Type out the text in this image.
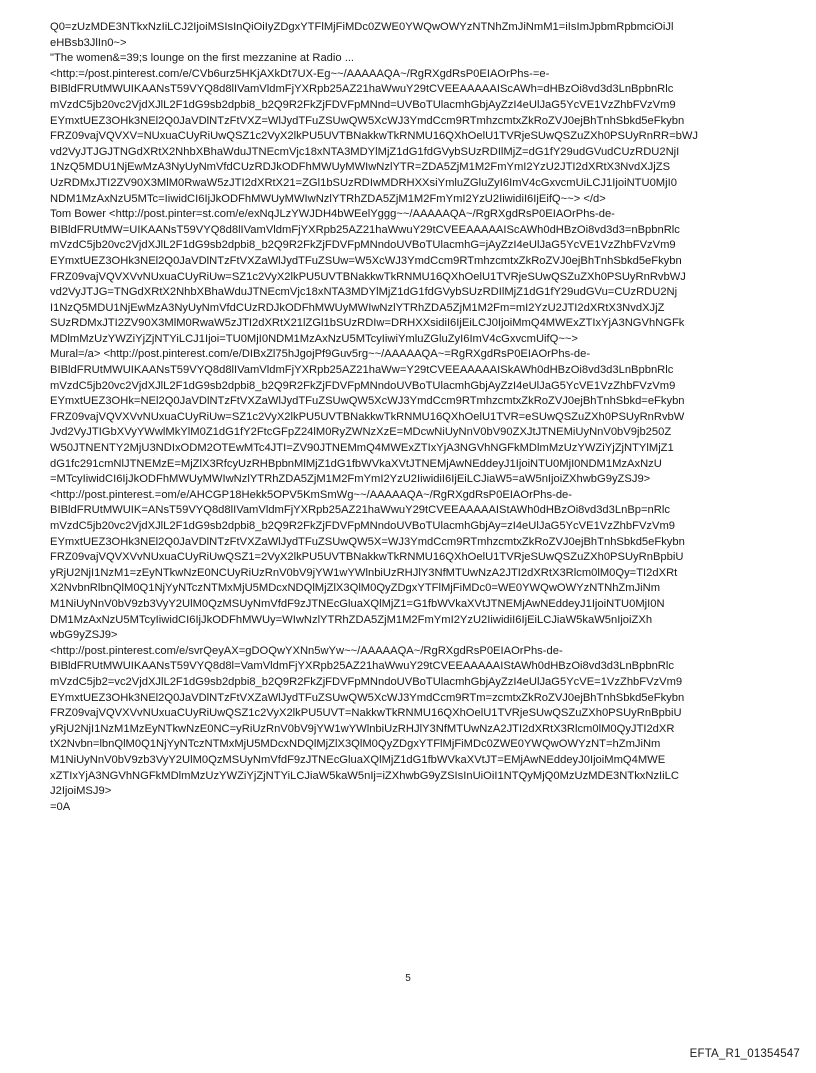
Q0=zUzMDE3NTkxNzIiLCJ2IjoiMSIsInQiOiIyZDgxYTFlMjFiMDc0ZWE0YWQwOWYzNTNhZmJiNmM1=iIsImJpbmRpbmciOiJl
eHBsb3JlIn0~>
"The women&=39;s lounge on the first mezzanine at Radio ...
<http:=/post.pinterest.com/e/CVb6urz5HKjAXkDt7UX-Eg~~/AAAAAQA~/RgRXgdRsP0EIAOrPhs-=e-
BIBldFRUtMWUIKAANsT59VYQ8d8lIVamVldmFjYXRpb25AZ21haWwuY29tCVEEAAAAAIScAWh=dHBzOi8vd3d3LnBpbnRlc
mVzdC5jb20vc2VjdXJlL2F1dG9sb2dpbi8_b2Q9R2FkZjFDVFpMNnd=UVBoTUlacmhGbjAyZzI4eUlJaG5YcVE1VzZhbFVzVm9
EYmxtUEZ3OHk3NEl2Q0JaVDlNTzFtVXZ=WlJydTFuZSUwQW5XcWJ3YmdCcm9RTmhzcmtxZkRoZVJ0ejBhTnhSbkd5eFkybn
FRZ09vajVQVXV=NUxuaCUyRiUwQSZ1c2VyX2lkPU5UVTBNakkwTkRNMU16QXhOelU1TVRjeSUwQSZuZXh0PSUyRnRR=bWJ
vd2VyJTJGJTNGdXRtX2NhbXBhaWduJTNEcmVjc18xNTA3MDYlMjZ1dG1fdGVybSUzRDIlMjZ=dG1fY29udGVudCUzRDU2NjI
1NzQ5MDU1NjEwMzA3NyUyNmVfdCUzRDJkODFhMWUyMWIwNzlYTR=ZDA5ZjM1M2FmYmI2YzU2JTI2dXRtX3NvdXJjZS
UzRDMxJTI2ZV90X3MlM0RwaW5zJTI2dXRtX21=ZGl1bSUzRDIwMDRHXXsiYmluZGluZyI6ImV4cGxvcmUiLCJ1IjoiNTU0MjI0
NDM1MzAxNzU5MTc=IiwidCI6IjJkODFhMWUyMWIwNzlYTRhZDA5ZjM1M2FmYmI2YzU2IiwidiI6IjEifQ~~> </d>
Tom Bower <http://post.pinter=st.com/e/exNqJLzYWJDH4bWEelYggg~~/AAAAAQA~/RgRXgdRsP0EIAOrPhs-de-
BIBldFRUtMW=UIKAANsT59VYQ8d8lIVamVldmFjYXRpb25AZ21haWwuY29tCVEEAAAAAIScAWh0dHBzOi8vd3d3=nBpbnRlc
mVzdC5jb20vc2VjdXJlL2F1dG9sb2dpbi8_b2Q9R2FkZjFDVFpMNndoUVBoTUlacmhG=jAyZzI4eUlJaG5YcVE1VzZhbFVzVm9
EYmxtUEZ3OHk3NEl2Q0JaVDlNTzFtVXZaWlJydTFuZSUw=W5XcWJ3YmdCcm9RTmhzcmtxZkRoZVJ0ejBhTnhSbkd5eFkybn
FRZ09vajVQVXVvNUxuaCUyRiUw=SZ1c2VyX2lkPU5UVTBNakkwTkRNMU16QXhOelU1TVRjeSUwQSZuZXh0PSUyRnRvbWJ
vd2VyJTJG=TNGdXRtX2NhbXBhaWduJTNEcmVjc18xNTA3MDYlMjZ1dG1fdGVybSUzRDIlMjZ1dG1fY29udGVu=CUzRDU2Nj
I1NzQ5MDU1NjEwMzA3NyUyNmVfdCUzRDJkODFhMWUyMWIwNzlYTRhZDA5ZjM1M2Fm=mI2YzU2JTI2dXRtX3NvdXJjZ
SUzRDMxJTI2ZV90X3MlM0RwaW5zJTI2dXRtX21lZGl1bSUzRDIw=DRHXXsidiI6IjEiLCJ0IjoiMmQ4MWExZTIxYjA3NGVhNGFk
MDlmMzUzYWZiYjZjNTYiLCJ1Ijoi=TU0MjI0NDM1MzAxNzU5MTcyIiwiYmluZGluZyI6ImV4cGxvcmUifQ~~>
Mural=/a> <http://post.pinterest.com/e/DIBxZl75hJgojPf9Guv5rg~~/AAAAAQA~=RgRXgdRsP0EIAOrPhs-de-
BIBldFRUtMWUIKAANsT59VYQ8d8lIVamVldmFjYXRpb25AZ21haWw=Y29tCVEEAAAAAISkAWh0dHBzOi8vd3d3LnBpbnRlc
mVzdC5jb20vc2VjdXJlL2F1dG9sb2dpbi8_b2Q9R2FkZjFDVFpMNndoUVBoTUlacmhGbjAyZzI4eUlJaG5YcVE1VzZhbFVzVm9
EYmxtUEZ3OHk=NEl2Q0JaVDlNTzFtVXZaWlJydTFuZSUwQW5XcWJ3YmdCcm9RTmhzcmtxZkRoZVJ0ejBhTnhSbkd=eFkybn
FRZ09vajVQVXVvNUxuaCUyRiUw=SZ1c2VyX2lkPU5UVTBNakkwTkRNMU16QXhOelU1TVR=eSUwQSZuZXh0PSUyRnRvbW
Jvd2VyJTIGbXVyYWwlMkYlM0Z1dG1fY2FtcGFpZ24lM0RyZWNzXzE=MDcwNiUyNnV0bV90ZXJtJTNEMiUyNnV0bV9jb250Z
W50JTNENTY2MjU3NDIxODM2OTEwMTc4JTI=ZV90JTNEMmQ4MWExZTIxYjA3NGVhNGFkMDlmMzUzYWZiYjZjNTYlMjZ1
dG1fc291cmNlJTNEMzE=MjZlX3RfcyUzRHBpbnMlMjZ1dG1fbWVkaXVtJTNEMjAwNEddeyJ1IjoiNTU0MjI0NDM1MzAxNzU
=MTcyIiwidCI6IjJkODFhMWUyMWIwNzlYTRhZDA5ZjM1M2FmYmI2YzU2IiwidiI6IjEiLCJiaW5=aW5nIjoiZXhwbG9yZSJ9>
<http://post.pinterest.=om/e/AHCGP18Hekk5OPV5KmSmWg~~/AAAAAQA~/RgRXgdRsP0EIAOrPhs-de-
BIBldFRUtMWUIK=ANsT59VYQ8d8lIVamVldmFjYXRpb25AZ21haWwuY29tCVEEAAAAAIStAWh0dHBzOi8vd3d3LnBp=nRlc
mVzdC5jb20vc2VjdXJlL2F1dG9sb2dpbi8_b2Q9R2FkZjFDVFpMNndoUVBoTUlacmhGbjAy=zI4eUlJaG5YcVE1VzZhbFVzVm9
EYmxtUEZ3OHk3NEl2Q0JaVDlNTzFtVXZaWlJydTFuZSUwQW5X=WJ3YmdCcm9RTmhzcmtxZkRoZVJ0ejBhTnhSbkd5eFkybn
FRZ09vajVQVXVvNUxuaCUyRiUwQSZ1=2VyX2lkPU5UVTBNakkwTkRNMU16QXhOelU1TVRjeSUwQSZuZXh0PSUyRnBpbiU
yRjU2NjI1NzM1=zEyNTkwNzE0NCUyRiUzRnV0bV9jYW1wYWlnbiUzRHJlY3NfMTUwNzA2JTI2dXRtX3Rlcm0lM0Qy=TI2dXRt
X2NvbnRlbnQlM0Q1NjYyNTczNTMxMjU5MDcxNDQlMjZlX3QlM0QyZDgxYTFlMjFiMDc0=WE0YWQwOWYzNTNhZmJiNm
M1NiUyNnV0bV9zb3VyY2UlM0QzMSUyNmVfdF9zJTNEcGluaXQlMjZ1=G1fbWVkaXVtJTNEMjAwNEddeyJ1IjoiNTU0MjI0N
DM1MzAxNzU5MTcyIiwidCI6IjJkODFhMWUy=WIwNzlYTRhZDA5ZjM1M2FmYmI2YzU2IiwidiI6IjEiLCJiaW5kaW5nIjoiZXh
wbG9yZSJ9>
<http://post.pinterest.com/e/svrQeyAX=gDOQwYXNn5wYw~~/AAAAAQA~/RgRXgdRsP0EIAOrPhs-de-
BIBldFRUtMWUIKAANsT59VYQ8d8l=VamVldmFjYXRpb25AZ21haWwuY29tCVEEAAAAAIStAWh0dHBzOi8vd3d3LnBpbnRlc
mVzdC5jb2=vc2VjdXJlL2F1dG9sb2dpbi8_b2Q9R2FkZjFDVFpMNndoUVBoTUlacmhGbjAyZzI4eUlJaG5YcVE=1VzZhbFVzVm9
EYmxtUEZ3OHk3NEl2Q0JaVDlNTzFtVXZaWlJydTFuZSUwQW5XcWJ3YmdCcm9RTm=zcmtxZkRoZVJ0ejBhTnhSbkd5eFkybn
FRZ09vajVQVXVvNUxuaCUyRiUwQSZ1c2VyX2lkPU5UVT=NakkwTkRNMU16QXhOelU1TVRjeSUwQSZuZXh0PSUyRnBpbiU
yRjU2NjI1NzM1MzEyNTkwNzE0NC=yRiUzRnV0bV9jYW1wYWlnbiUzRHJlY3NfMTUwNzA2JTI2dXRtX3Rlcm0lM0QyJTI2dXR
tX2Nvbn=lbnQlM0Q1NjYyNTczNTMxMjU5MDcxNDQlMjZlX3QlM0QyZDgxYTFlMjFiMDc0ZWE0YWQwOWYzNT=hZmJiNm
M1NiUyNnV0bV9zb3VyY2UlM0QzMSUyNmVfdF9zJTNEcGluaXQlMjZ1dG1fbWVkaXVtJT=EMjAwNEddeyJ0IjoiMmQ4MWE
xZTIxYjA3NGVhNGFkMDlmMzUzYWZiYjZjNTYiLCJiaW5kaW5nIj=iZXhwbG9yZSIsInUiOiI1NTQyMjQ0MzUzMDE3NTkxNzIiLC
J2IjoiMSJ9>
=0A
5
EFTA_R1_01354547
